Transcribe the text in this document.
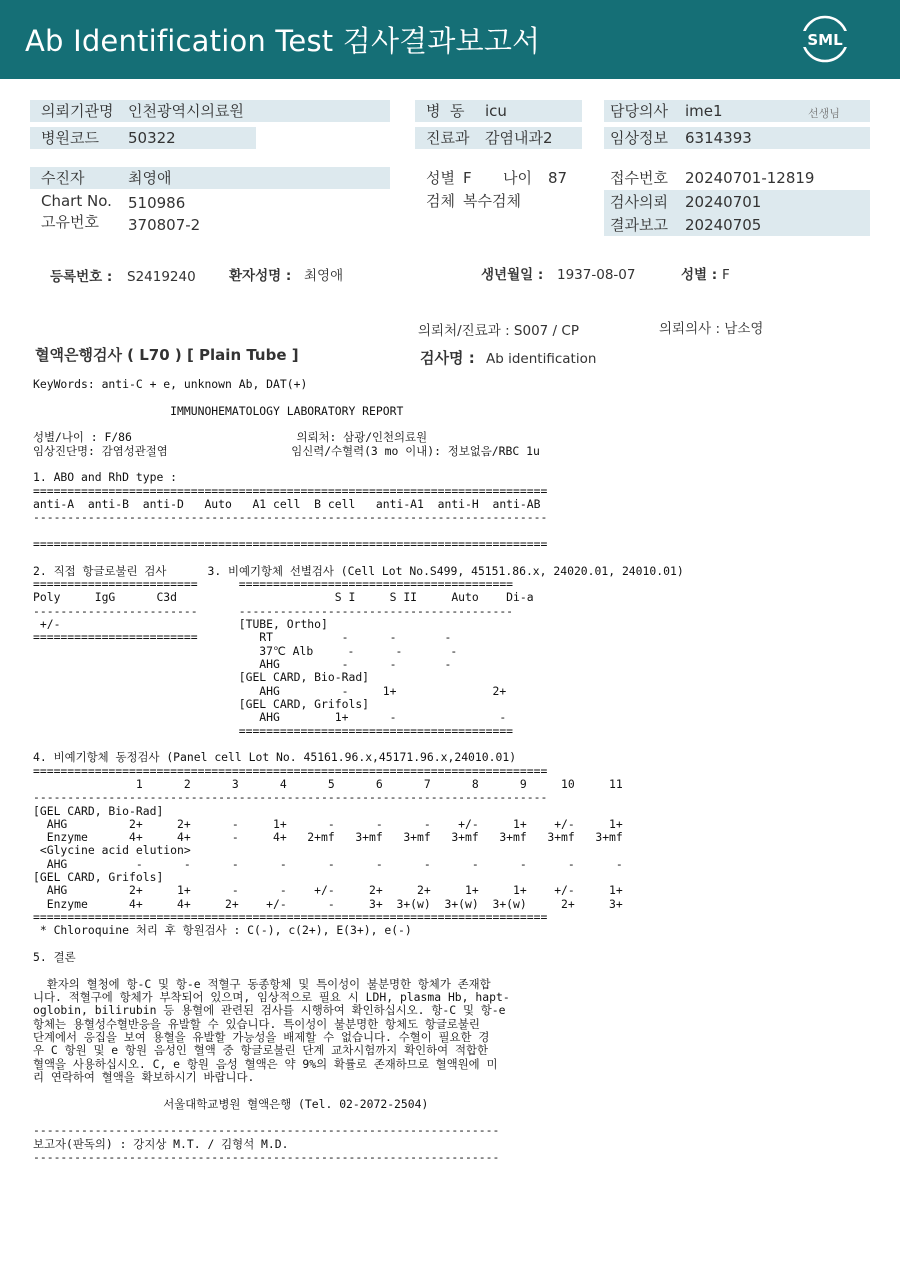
Ab Identification Test 검사결과보고서	SML
의뢰기관명 인천광역시의료원
병원코드 50322
병  동 icu
진료과 감염내과2
담당의사 ime1	선생님
임상정보 6314393
수진자	최영애
Chart No. 510986
고유번호 370807-2
성별 F 나이 87
검체 복수검체
접수번호 20240701-12819
검사의뢰 20240701
결과보고 20240705
등록번호 : S2419240 환자성명 : 최영애	생년월일 : 1937-08-07	성별 : F
의뢰처/진료과 : S007 / CP	의뢰의사 : 남소영
혈액은행검사 ( L70 ) [ Plain Tube ]	검사명 : Ab identification
KeyWords: anti-C + e, unknown Ab, DAT(+)

IMMUNOHEMATOLOGY LABORATORY REPORT

성별/나이 : F/86                        의뢰처: 삼광/인천의료원
임상진단명: 감염성관절염                  임신력/수혈력(3 mo 이내): 정보없음/RBC 1u

1. ABO and RhD type :
===========================================================================
anti-A  anti-B  anti-D   Auto   A1 cell  B cell   anti-A1  anti-H  anti-AB
---------------------------------------------------------------------------

===========================================================================

2. 직접 항글로불린 검사      3. 비예기항체 선별검사 (Cell Lot No.S499, 45151.86.x, 24020.01, 24010.01)
========================      ========================================
Poly     IgG      C3d                       S I     S II     Auto    Di-a
------------------------      ----------------------------------------
+/-                          [TUBE, Ortho]
========================         RT          -      -       -
37℃ Alb     -      -       -
AHG         -      -       -
[GEL CARD, Bio-Rad]
AHG         -     1+              2+
[GEL CARD, Grifols]
AHG        1+      -               -
========================================

4. 비예기항체 동정검사 (Panel cell Lot No. 45161.96.x,45171.96.x,24010.01)
===========================================================================
1      2      3      4      5      6      7      8      9     10     11
---------------------------------------------------------------------------
[GEL CARD, Bio-Rad]
AHG         2+     2+      -     1+      -      -      -    +/-     1+    +/-     1+
Enzyme      4+     4+      -     4+   2+mf   3+mf   3+mf   3+mf   3+mf   3+mf   3+mf
<Glycine acid elution>
AHG          -      -      -      -      -      -      -      -      -      -      -
[GEL CARD, Grifols]
AHG         2+     1+      -      -    +/-     2+     2+     1+     1+    +/-     1+
Enzyme      4+     4+     2+    +/-      -     3+  3+(w)  3+(w)  3+(w)     2+     3+
===========================================================================
* Chloroquine 처리 후 항원검사 : C(-), c(2+), E(3+), e(-)

5. 결론

환자의 혈청에 항-C 및 항-e 적혈구 동종항체 및 특이성이 불분명한 항체가 존재합
니다. 적혈구에 항체가 부착되어 있으며, 임상적으로 필요 시 LDH, plasma Hb, hapt-
oglobin, bilirubin 등 용혈에 관련된 검사를 시행하여 확인하십시오. 항-C 및 항-e
항체는 용혈성수혈반응을 유발할 수 있습니다. 특이성이 불분명한 항체도 항글로불린
단계에서 응집을 보여 용혈을 유발할 가능성을 배제할 수 없습니다. 수혈이 필요한 경
우 C 항원 및 e 항원 음성인 혈액 중 항글로불린 단계 교차시험까지 확인하여 적합한
혈액을 사용하십시오. C, e 항원 음성 혈액은 약 9%의 확률로 존재하므로 혈액원에 미
리 연락하여 혈액을 확보하시기 바랍니다.

서울대학교병원 혈액은행 (Tel. 02-2072-2504)

--------------------------------------------------------------------
보고자(판독의) : 강지상 M.T. / 김형석 M.D.
--------------------------------------------------------------------
